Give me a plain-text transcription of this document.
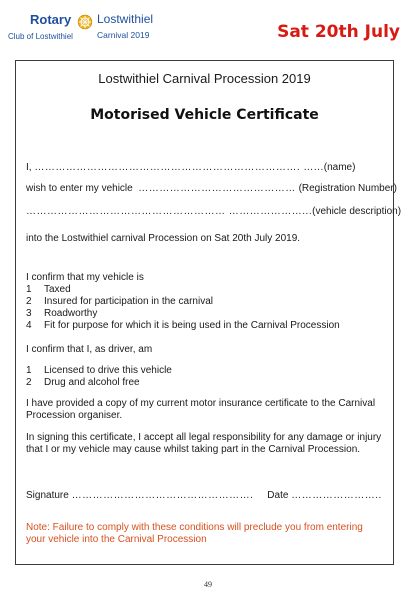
Rotary Lostwithiel
Club of Lostwithiel	Carnival 2019	Sat 20th July
Lostwithiel Carnival Procession 2019
Motorised Vehicle Certificate
I, …………………………………………………………………. …...(name)
wish to enter my vehicle ……………………………………… (Registration Number)
………………………………………………… …………………...(vehicle description)
into the Lostwithiel carnival Procession on Sat 20th July 2019.
I confirm that my vehicle is
1	Taxed
2	Insured for participation in the carnival
3	Roadworthy
4	Fit for purpose for which it is being used in the Carnival Procession
I confirm that I, as driver, am
1	Licensed to drive this vehicle
2	Drug and alcohol free
I have provided a copy of my current motor insurance certificate to the Carnival Procession organiser.
In signing this certificate, I accept all legal responsibility for any damage or injury that I or my vehicle may cause whilst taking part in the Carnival Procession.
Signature ……………………………………………. Date ……………………..
Note: Failure to comply with these conditions will preclude you from entering your vehicle into the Carnival Procession
49
